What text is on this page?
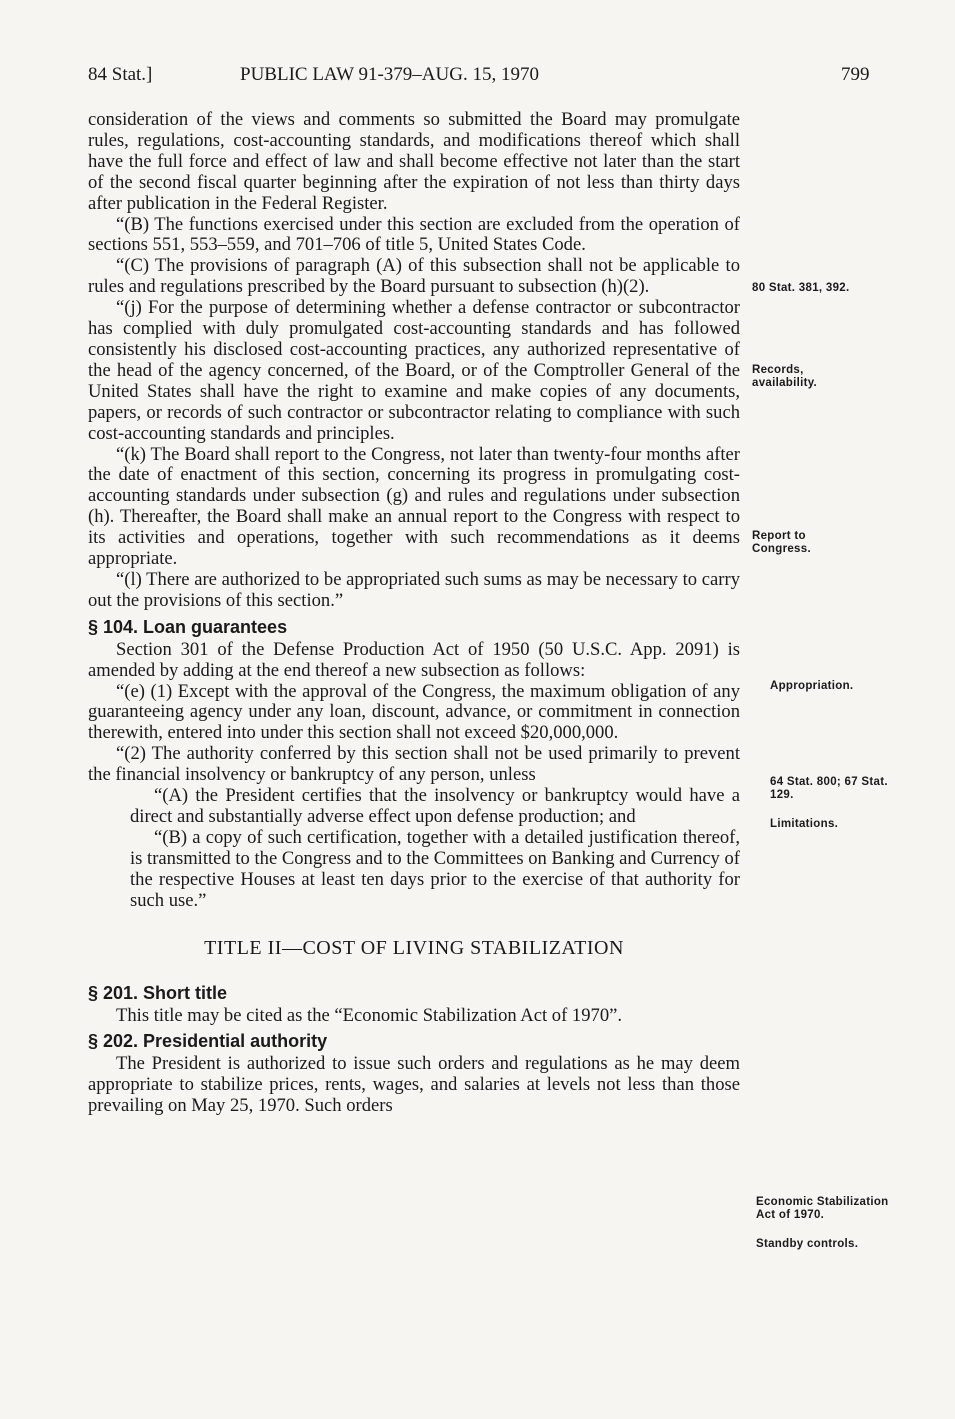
84 Stat.]	PUBLIC LAW 91-379–AUG. 15, 1970	799

consideration of the views and comments so submitted the Board may promulgate rules, regulations, cost-accounting standards, and modifications thereof which shall have the full force and effect of law and shall become effective not later than the start of the second fiscal quarter beginning after the expiration of not less than thirty days after publication in the Federal Register.

“(B) The functions exercised under this section are excluded from the operation of sections 551, 553–559, and 701–706 of title 5, United States Code.

“(C) The provisions of paragraph (A) of this subsection shall not be applicable to rules and regulations prescribed by the Board pursuant to subsection (h)(2).

“(j) For the purpose of determining whether a defense contractor or subcontractor has complied with duly promulgated cost-accounting standards and has followed consistently his disclosed cost-accounting practices, any authorized representative of the head of the agency concerned, of the Board, or of the Comptroller General of the United States shall have the right to examine and make copies of any documents, papers, or records of such contractor or subcontractor relating to compliance with such cost-accounting standards and principles.

“(k) The Board shall report to the Congress, not later than twenty-four months after the date of enactment of this section, concerning its progress in promulgating cost-accounting standards under subsection (g) and rules and regulations under subsection (h). Thereafter, the Board shall make an annual report to the Congress with respect to its activities and operations, together with such recommendations as it deems appropriate.

“(l) There are authorized to be appropriated such sums as may be necessary to carry out the provisions of this section.”

§ 104. Loan guarantees

Section 301 of the Defense Production Act of 1950 (50 U.S.C. App. 2091) is amended by adding at the end thereof a new subsection as follows:

“(e) (1) Except with the approval of the Congress, the maximum obligation of any guaranteeing agency under any loan, discount, advance, or commitment in connection therewith, entered into under this section shall not exceed $20,000,000.

“(2) The authority conferred by this section shall not be used primarily to prevent the financial insolvency or bankruptcy of any person, unless

“(A) the President certifies that the insolvency or bankruptcy would have a direct and substantially adverse effect upon defense production; and

“(B) a copy of such certification, together with a detailed justification thereof, is transmitted to the Congress and to the Committees on Banking and Currency of the respective Houses at least ten days prior to the exercise of that authority for such use.”

TITLE II—COST OF LIVING STABILIZATION
§ 201. Short title

This title may be cited as the “Economic Stabilization Act of 1970”.

§ 202. Presidential authority

The President is authorized to issue such orders and regulations as he may deem appropriate to stabilize prices, rents, wages, and salaries at levels not less than those prevailing on May 25, 1970. Such orders

80 Stat. 381, 392.
Records, availability.
Report to Congress.
Appropriation.
64 Stat. 800; 67 Stat. 129.
Limitations.
Economic Stabilization Act of 1970.
Standby controls.
